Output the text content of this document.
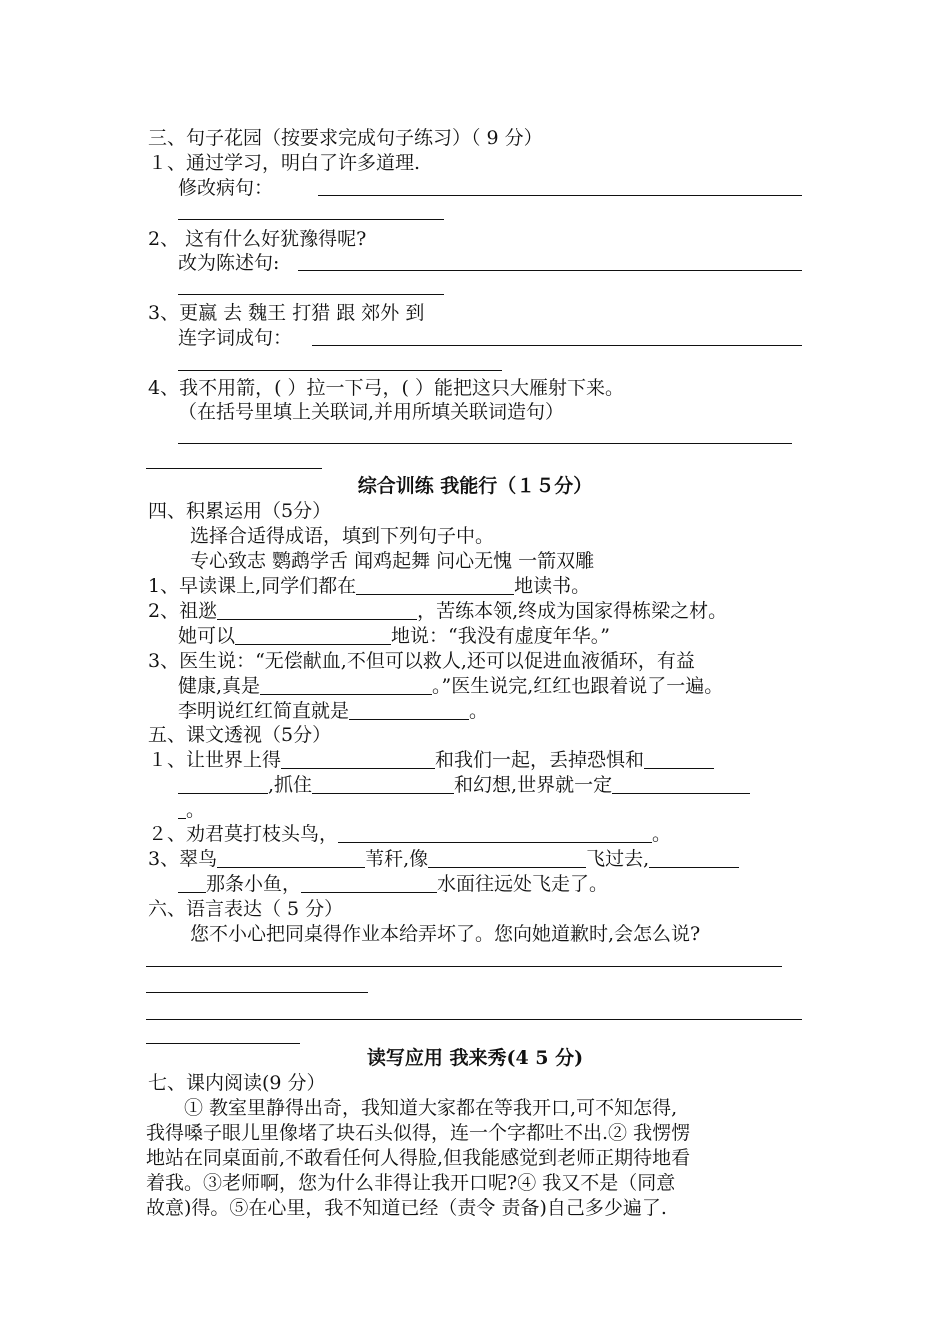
三、句子花园（按要求完成句子练习）（ 9 分）
１、通过学习，明白了许多道理.
修改病句：
2、 这有什么好犹豫得呢?
改为陈述句:
3、更嬴 去 魏王 打猎 跟 郊外 到
连字词成句：
4、我不用箭，( ）拉一下弓，( ）能把这只大雁射下来。
（在括号里填上关联词,并用所填关联词造句）
综合训练 我能行（１５分）
四、积累运用（5分）
选择合适得成语，填到下列句子中。
专心致志 鹦鹉学舌 闻鸡起舞 问心无愧 一箭双雕
1、早读课上,同学们都在	地读书。
2、祖逖	，苦练本领,终成为国家得栋梁之材。
她可以	地说：“我没有虚度年华。”
3、医生说：“无偿献血,不但可以救人,还可以促进血液循环，有益
健康,真是	。”医生说完,红红也跟着说了一遍。
李明说红红简直就是	。
五、课文透视（5分）
１、让世界上得	和我们一起，丢掉恐惧和
,抓住	和幻想,世界就一定
。
２、劝君莫打枝头鸟，	。
3、翠鸟	苇秆,像	飞过去,
那条小鱼，	水面往远处飞走了。
六、语言表达（ 5 分）
您不小心把同桌得作业本给弄坏了。您向她道歉时,会怎么说?
读写应用 我来秀(4 5 分)
七、课内阅读(9 分）
① 教室里静得出奇，我知道大家都在等我开口,可不知怎得,
我得嗓子眼儿里像堵了块石头似得，连一个字都吐不出.② 我愣愣
地站在同桌面前,不敢看任何人得脸,但我能感觉到老师正期待地看
着我。③老师啊，您为什么非得让我开口呢?④ 我又不是（同意
故意)得。⑤在心里，我不知道已经（责令 责备)自己多少遍了.
